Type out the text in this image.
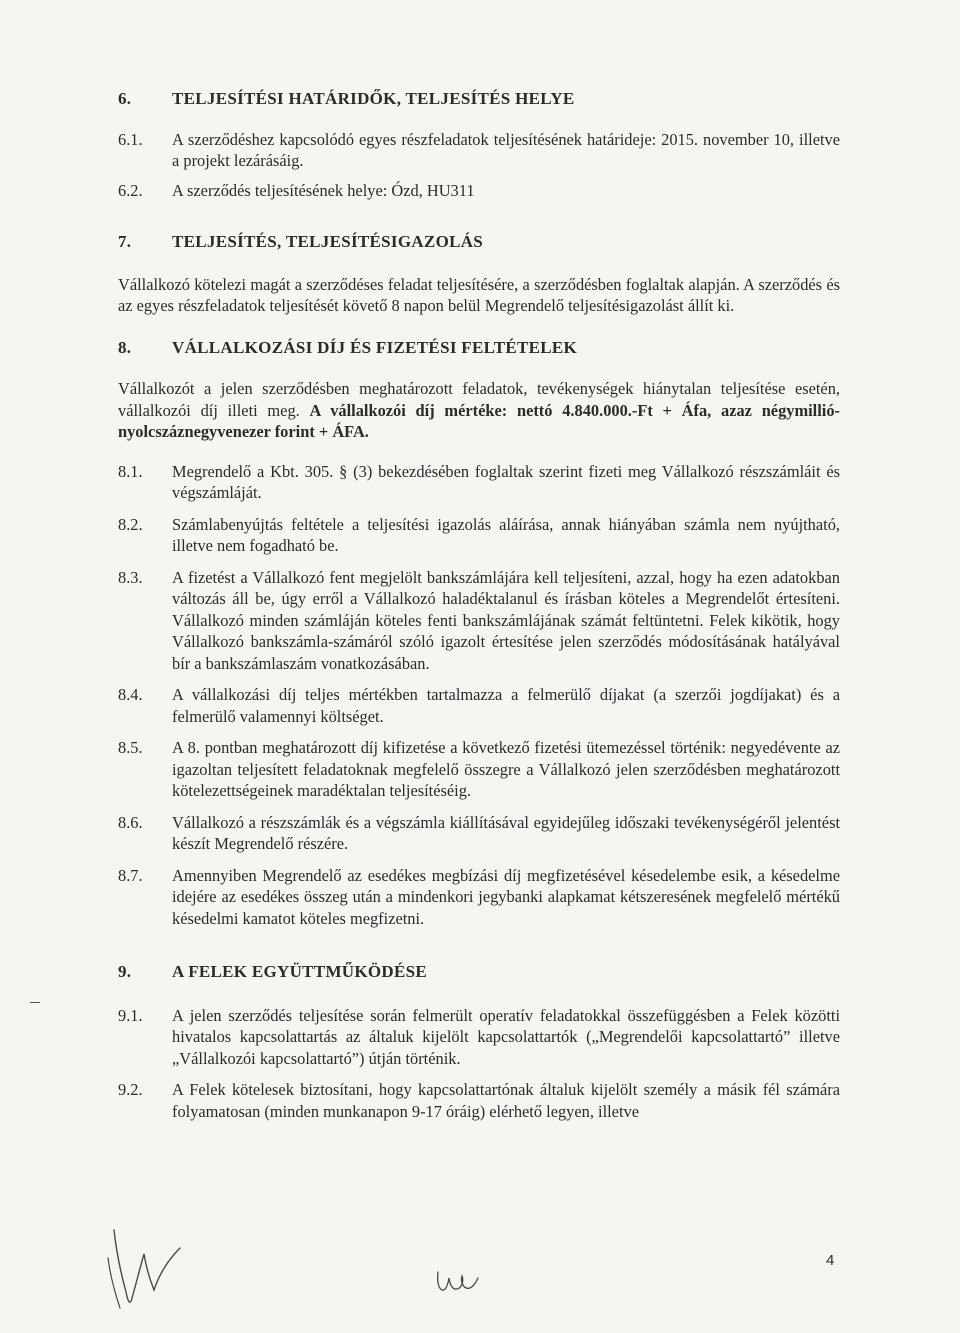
6.	TELJESÍTÉSI HATÁRIDŐK, TELJESÍTÉS HELYE
6.1.	A szerződéshez kapcsolódó egyes részfeladatok teljesítésének határideje: 2015. november 10, illetve a projekt lezárásáig.
6.2.	A szerződés teljesítésének helye: Ózd, HU311
7.	TELJESÍTÉS, TELJESÍTÉSIGAZOLÁS

Vállalkozó kötelezi magát a szerződéses feladat teljesítésére, a szerződésben foglaltak alapján. A szerződés és az egyes részfeladatok teljesítését követő 8 napon belül Megrendelő teljesítésigazolást állít ki.

8.	VÁLLALKOZÁSI DÍJ ÉS FIZETÉSI FELTÉTELEK

Vállalkozót a jelen szerződésben meghatározott feladatok, tevékenységek hiánytalan teljesítése esetén, vállalkozói díj illeti meg. A vállalkozói díj mértéke: nettó 4.840.000.-Ft + Áfa, azaz négymillió-nyolcszáznegyvenezer forint + ÁFA.

8.1.	Megrendelő a Kbt. 305. § (3) bekezdésében foglaltak szerint fizeti meg Vállalkozó részszámláit és végszámláját.
8.2.	Számlabenyújtás feltétele a teljesítési igazolás aláírása, annak hiányában számla nem nyújtható, illetve nem fogadható be.
8.3.	A fizetést a Vállalkozó fent megjelölt bankszámlájára kell teljesíteni, azzal, hogy ha ezen adatokban változás áll be, úgy erről a Vállalkozó haladéktalanul és írásban köteles a Megrendelőt értesíteni. Vállalkozó minden számláján köteles fenti bankszámlájának számát feltüntetni. Felek kikötik, hogy Vállalkozó bankszámla-számáról szóló igazolt értesítése jelen szerződés módosításának hatályával bír a bankszámlaszám vonatkozásában.
8.4.	A vállalkozási díj teljes mértékben tartalmazza a felmerülő díjakat (a szerzői jogdíjakat) és a felmerülő valamennyi költséget.
8.5.	A 8. pontban meghatározott díj kifizetése a következő fizetési ütemezéssel történik: negyedévente az igazoltan teljesített feladatoknak megfelelő összegre a Vállalkozó jelen szerződésben meghatározott kötelezettségeinek maradéktalan teljesítéséig.
8.6.	Vállalkozó a részszámlák és a végszámla kiállításával egyidejűleg időszaki tevékenységéről jelentést készít Megrendelő részére.
8.7.	Amennyiben Megrendelő az esedékes megbízási díj megfizetésével késedelembe esik, a késedelme idejére az esedékes összeg után a mindenkori jegybanki alapkamat kétszeresének megfelelő mértékű késedelmi kamatot köteles megfizetni.
9.	A FELEK EGYÜTTMŰKÖDÉSE
9.1.	A jelen szerződés teljesítése során felmerült operatív feladatokkal összefüggésben a Felek közötti hivatalos kapcsolattartás az általuk kijelölt kapcsolattartók („Megrendelői kapcsolattartó” illetve „Vállalkozói kapcsolattartó”) útján történik.
9.2.	A Felek kötelesek biztosítani, hogy kapcsolattartónak általuk kijelölt személy a másik fél számára folyamatosan (minden munkanapon 9-17 óráig) elérhető legyen, illetve
4
